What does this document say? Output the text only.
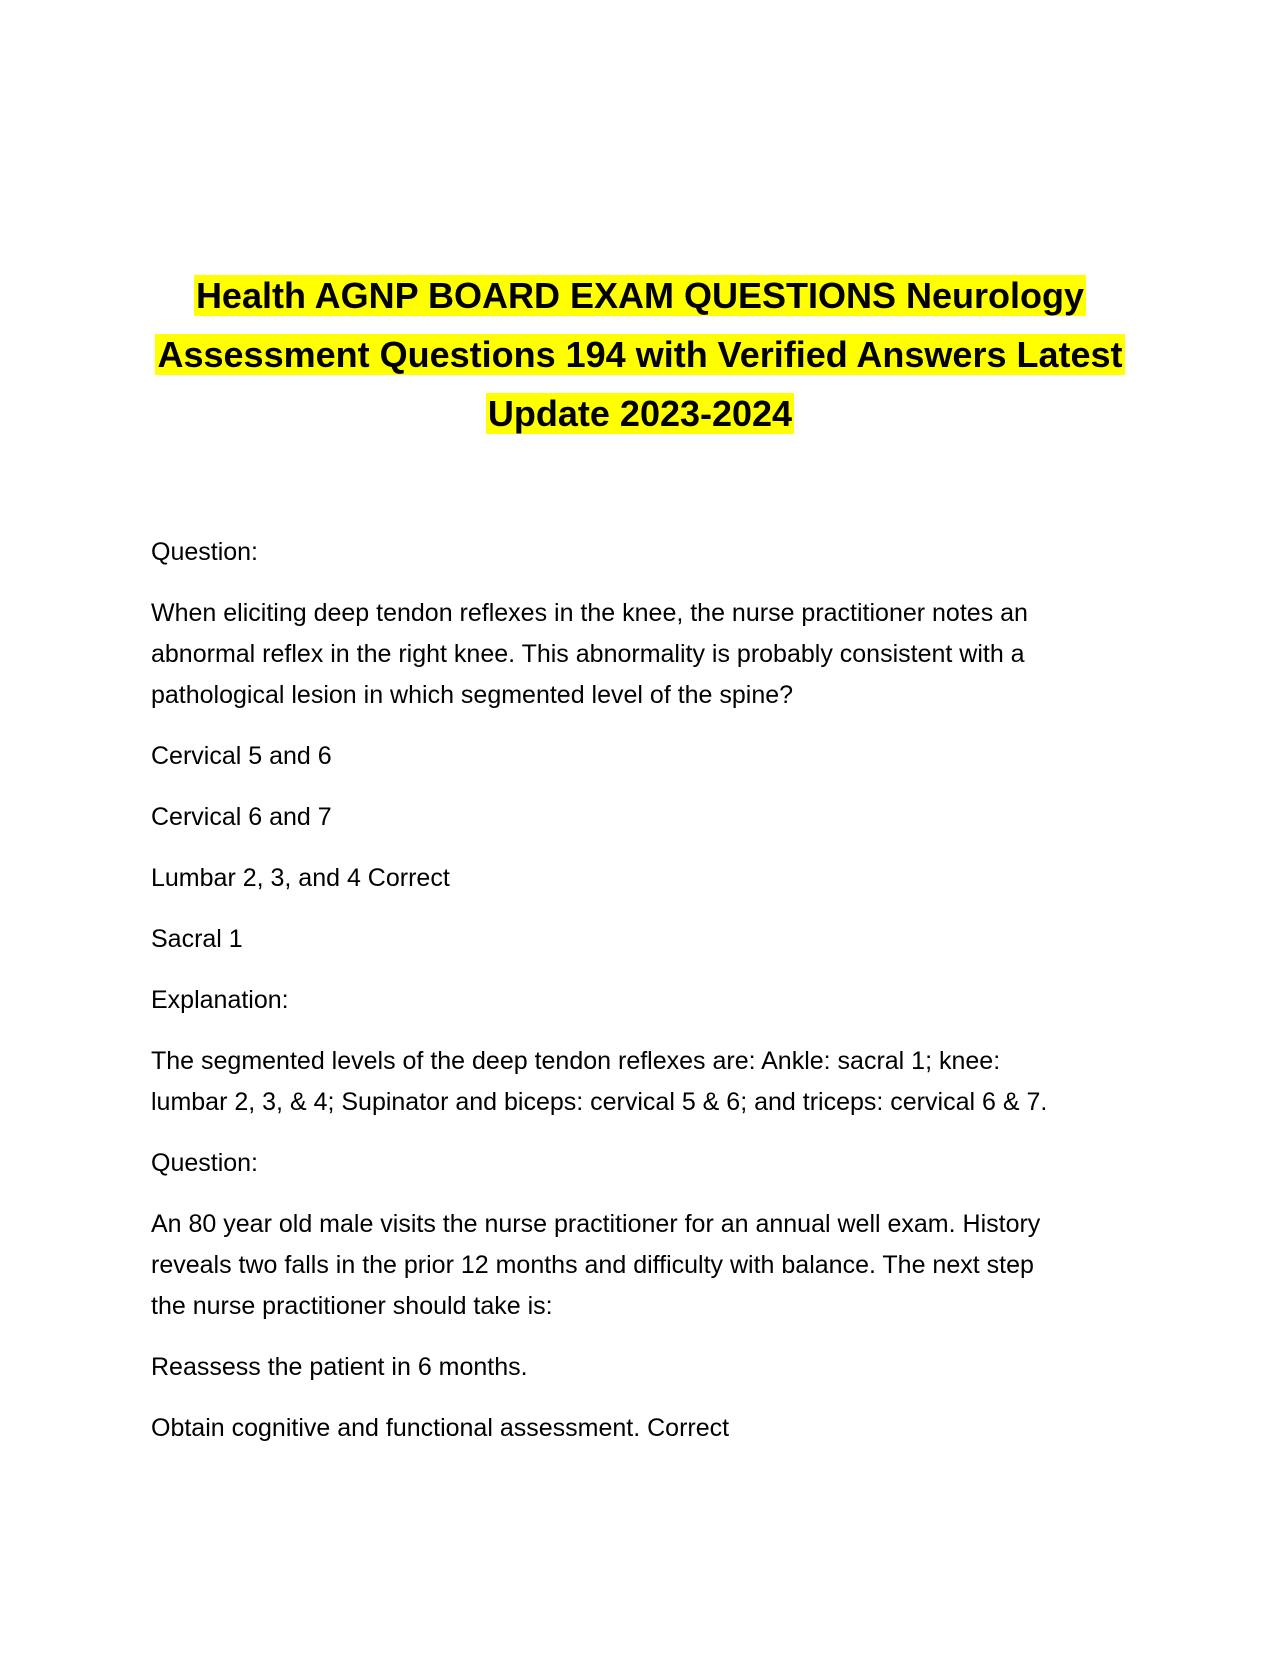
Health AGNP BOARD EXAM QUESTIONS Neurology
Assessment Questions 194 with Verified Answers Latest
Update 2023-2024

Question:

When eliciting deep tendon reflexes in the knee, the nurse practitioner notes an
abnormal reflex in the right knee. This abnormality is probably consistent with a
pathological lesion in which segmented level of the spine?

Cervical 5 and 6

Cervical 6 and 7

Lumbar 2, 3, and 4 Correct

Sacral 1

Explanation:

The segmented levels of the deep tendon reflexes are: Ankle: sacral 1; knee:
lumbar 2, 3, & 4; Supinator and biceps: cervical 5 & 6; and triceps: cervical 6 & 7.

Question:

An 80 year old male visits the nurse practitioner for an annual well exam. History
reveals two falls in the prior 12 months and difficulty with balance. The next step
the nurse practitioner should take is:

Reassess the patient in 6 months.

Obtain cognitive and functional assessment. Correct
